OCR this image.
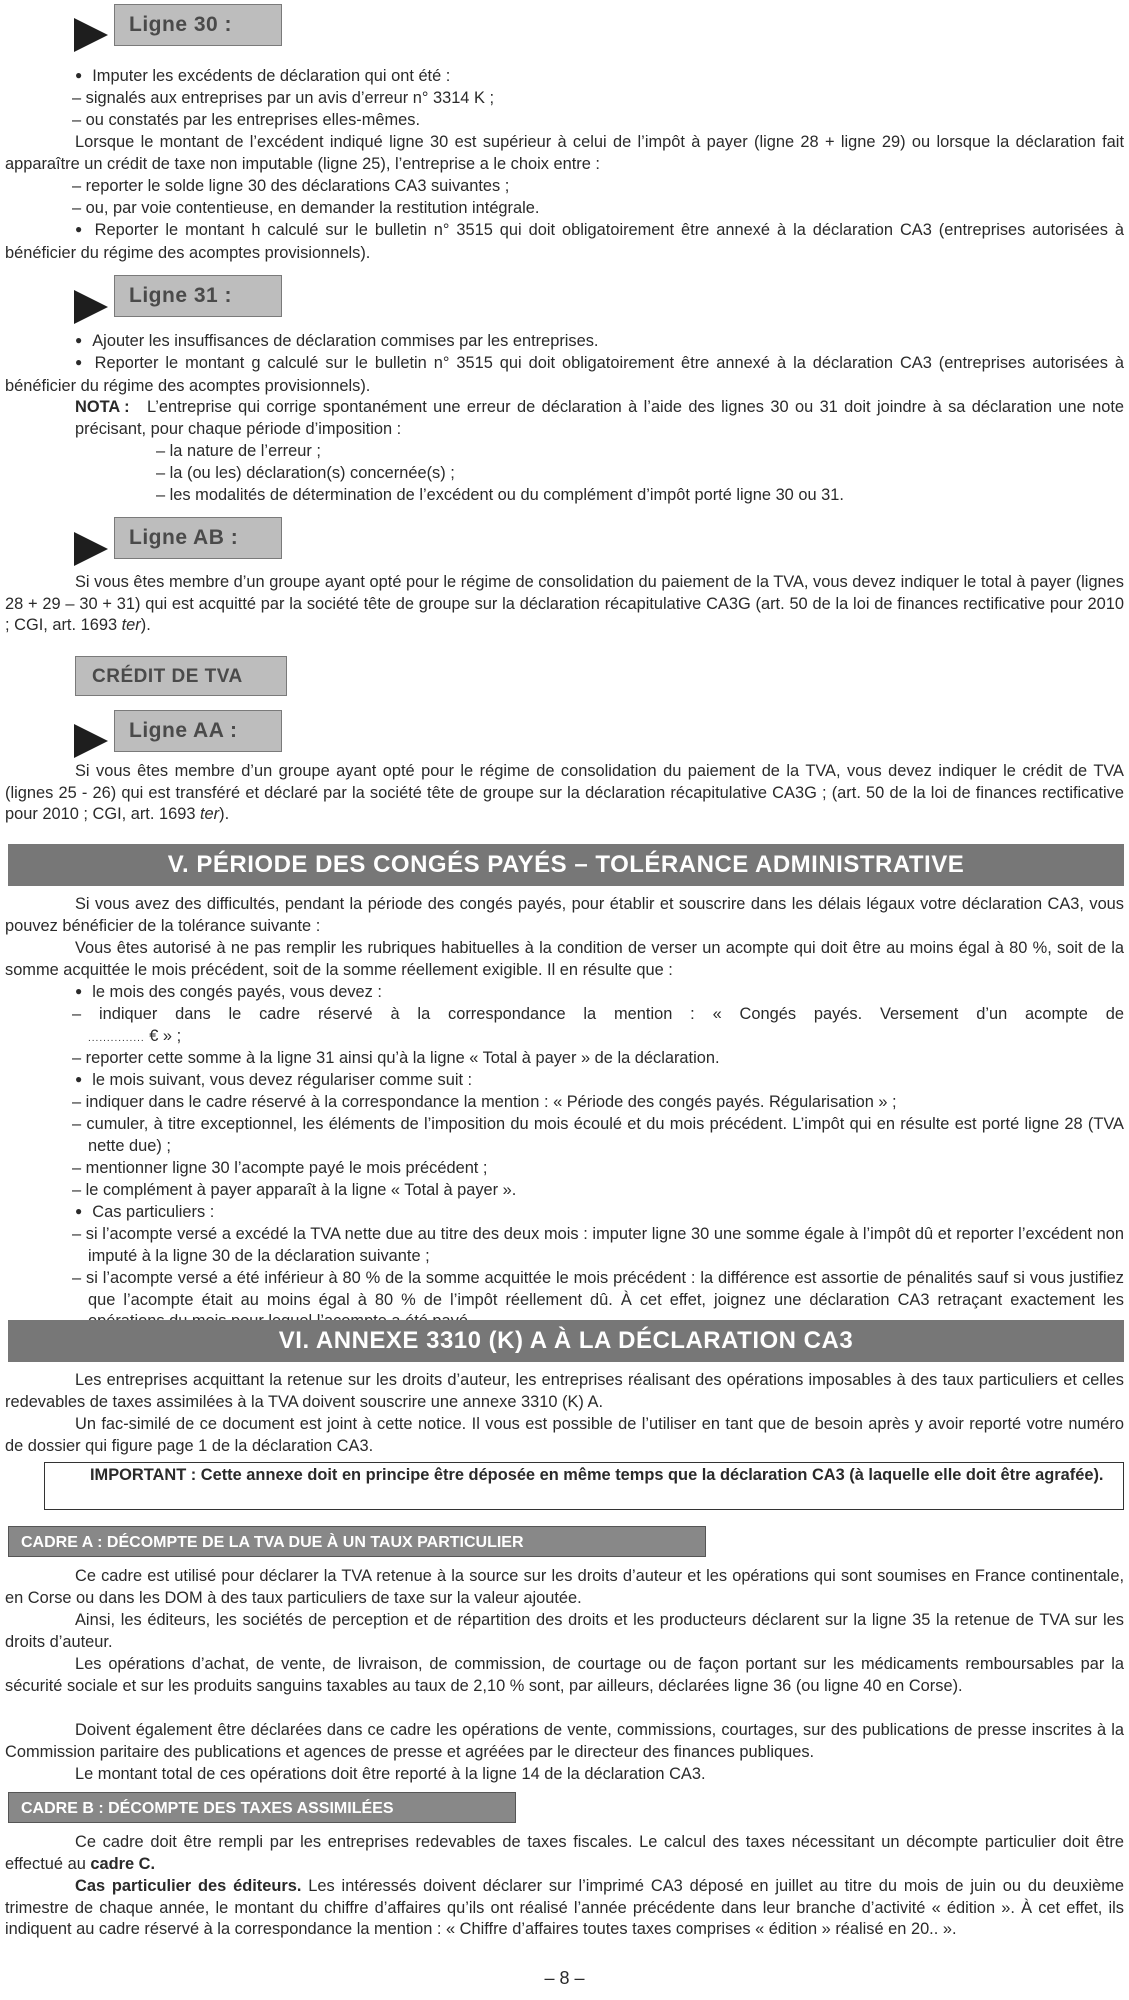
Ligne 30 :

● Imputer les excédents de déclaration qui ont été :

– signalés aux entreprises par un avis d’erreur n° 3314 K ;

– ou constatés par les entreprises elles-mêmes.

Lorsque le montant de l’excédent indiqué ligne 30 est supérieur à celui de l’impôt à payer (ligne 28 + ligne 29) ou lorsque la déclaration fait apparaître un crédit de taxe non imputable (ligne 25), l’entreprise a le choix entre :

– reporter le solde ligne 30 des déclarations CA3 suivantes ;

– ou, par voie contentieuse, en demander la restitution intégrale.

● Reporter le montant h calculé sur le bulletin n° 3515 qui doit obligatoirement être annexé à la déclaration CA3 (entreprises autorisées à bénéficier du régime des acomptes provisionnels).

Ligne 31 :

● Ajouter les insuffisances de déclaration commises par les entreprises.

● Reporter le montant g calculé sur le bulletin n° 3515 qui doit obligatoirement être annexé à la déclaration CA3 (entreprises autorisées à bénéficier du régime des acomptes provisionnels).

NOTA :	L’entreprise qui corrige spontanément une erreur de déclaration à l’aide des lignes 30 ou 31 doit joindre à sa déclaration une note précisant, pour chaque période d’imposition :

– la nature de l’erreur ;

– la (ou les) déclaration(s) concernée(s) ;

– les modalités de détermination de l’excédent ou du complément d’impôt porté ligne 30 ou 31.

Ligne AB :

Si vous êtes membre d’un groupe ayant opté pour le régime de consolidation du paiement de la TVA, vous devez indiquer le total à payer (lignes 28 + 29 – 30 + 31) qui est acquitté par la société tête de groupe sur la déclaration récapitulative CA3G (art. 50 de la loi de finances rectificative pour 2010 ; CGI, art. 1693 ter).

CRÉDIT DE TVA
Ligne AA :

Si vous êtes membre d’un groupe ayant opté pour le régime de consolidation du paiement de la TVA, vous devez indiquer le crédit de TVA (lignes 25 - 26) qui est transféré et déclaré par la société tête de groupe sur la déclaration récapitulative CA3G ; (art. 50 de la loi de finances rectificative pour 2010 ; CGI, art. 1693 ter).

V. PÉRIODE DES CONGÉS PAYÉS – TOLÉRANCE ADMINISTRATIVE

Si vous avez des difficultés, pendant la période des congés payés, pour établir et souscrire dans les délais légaux votre déclaration CA3, vous pouvez bénéficier de la tolérance suivante :

Vous êtes autorisé à ne pas remplir les rubriques habituelles à la condition de verser un acompte qui doit être au moins égal à 80 %, soit de la somme acquittée le mois précédent, soit de la somme réellement exigible. Il en résulte que :

● le mois des congés payés, vous devez :

– indiquer dans le cadre réservé à la correspondance la mention : « Congés payés. Versement d’un acompte de

............... € » ;

– reporter cette somme à la ligne 31 ainsi qu’à la ligne « Total à payer » de la déclaration.

● le mois suivant, vous devez régulariser comme suit :

– indiquer dans le cadre réservé à la correspondance la mention : « Période des congés payés. Régularisation » ;

– cumuler, à titre exceptionnel, les éléments de l’imposition du mois écoulé et du mois précédent. L’impôt qui en résulte est porté ligne 28 (TVA nette due) ;

– mentionner ligne 30 l’acompte payé le mois précédent ;

– le complément à payer apparaît à la ligne « Total à payer ».

● Cas particuliers :

– si l’acompte versé a excédé la TVA nette due au titre des deux mois : imputer ligne 30 une somme égale à l’impôt dû et reporter l’excédent non imputé à la ligne 30 de la déclaration suivante ;

– si l’acompte versé a été inférieur à 80 % de la somme acquittée le mois précédent : la différence est assortie de pénalités sauf si vous justifiez que l’acompte était au moins égal à 80 % de l’impôt réellement dû. À cet effet, joignez une déclaration CA3 retraçant exactement les

VI. ANNEXE 3310 (K) A À LA DÉCLARATION CA3

Les entreprises acquittant la retenue sur les droits d’auteur, les entreprises réalisant des opérations imposables à des taux particuliers et celles redevables de taxes assimilées à la TVA doivent souscrire une annexe 3310 (K) A.

Un fac-similé de ce document est joint à cette notice. Il vous est possible de l’utiliser en tant que de besoin après y avoir reporté votre numéro de dossier qui figure page 1 de la déclaration CA3.

IMPORTANT : Cette annexe doit en principe être déposée en même temps que la déclaration CA3 (à laquelle elle doit être agrafée).

CADRE A : DÉCOMPTE DE LA TVA DUE À UN TAUX PARTICULIER

Ce cadre est utilisé pour déclarer la TVA retenue à la source sur les droits d’auteur et les opérations qui sont soumises en France continentale, en Corse ou dans les DOM à des taux particuliers de taxe sur la valeur ajoutée.

Ainsi, les éditeurs, les sociétés de perception et de répartition des droits et les producteurs déclarent sur la ligne 35 la retenue de TVA sur les droits d’auteur.

Les opérations d’achat, de vente, de livraison, de commission, de courtage ou de façon portant sur les médicaments remboursables par la sécurité sociale et sur les produits sanguins taxables au taux de 2,10 % sont, par ailleurs, déclarées ligne 36 (ou ligne 40 en Corse).

Doivent également être déclarées dans ce cadre les opérations de vente, commissions, courtages, sur des publications de presse inscrites à la Commission paritaire des publications et agences de presse et agréées par le directeur des finances publiques.

Le montant total de ces opérations doit être reporté à la ligne 14 de la déclaration CA3.

CADRE B : DÉCOMPTE DES TAXES ASSIMILÉES

Ce cadre doit être rempli par les entreprises redevables de taxes fiscales. Le calcul des taxes nécessitant un décompte particulier doit être effectué au cadre C.

Cas particulier des éditeurs. Les intéressés doivent déclarer sur l’imprimé CA3 déposé en juillet au titre du mois de juin ou du deuxième trimestre de chaque année, le montant du chiffre d’affaires qu’ils ont réalisé l’année précédente dans leur branche d’activité « édition ». À cet effet, ils indiquent au cadre réservé à la correspondance la mention : « Chiffre d’affaires toutes taxes comprises « édition » réalisé en 20.. ».

– 8 –
